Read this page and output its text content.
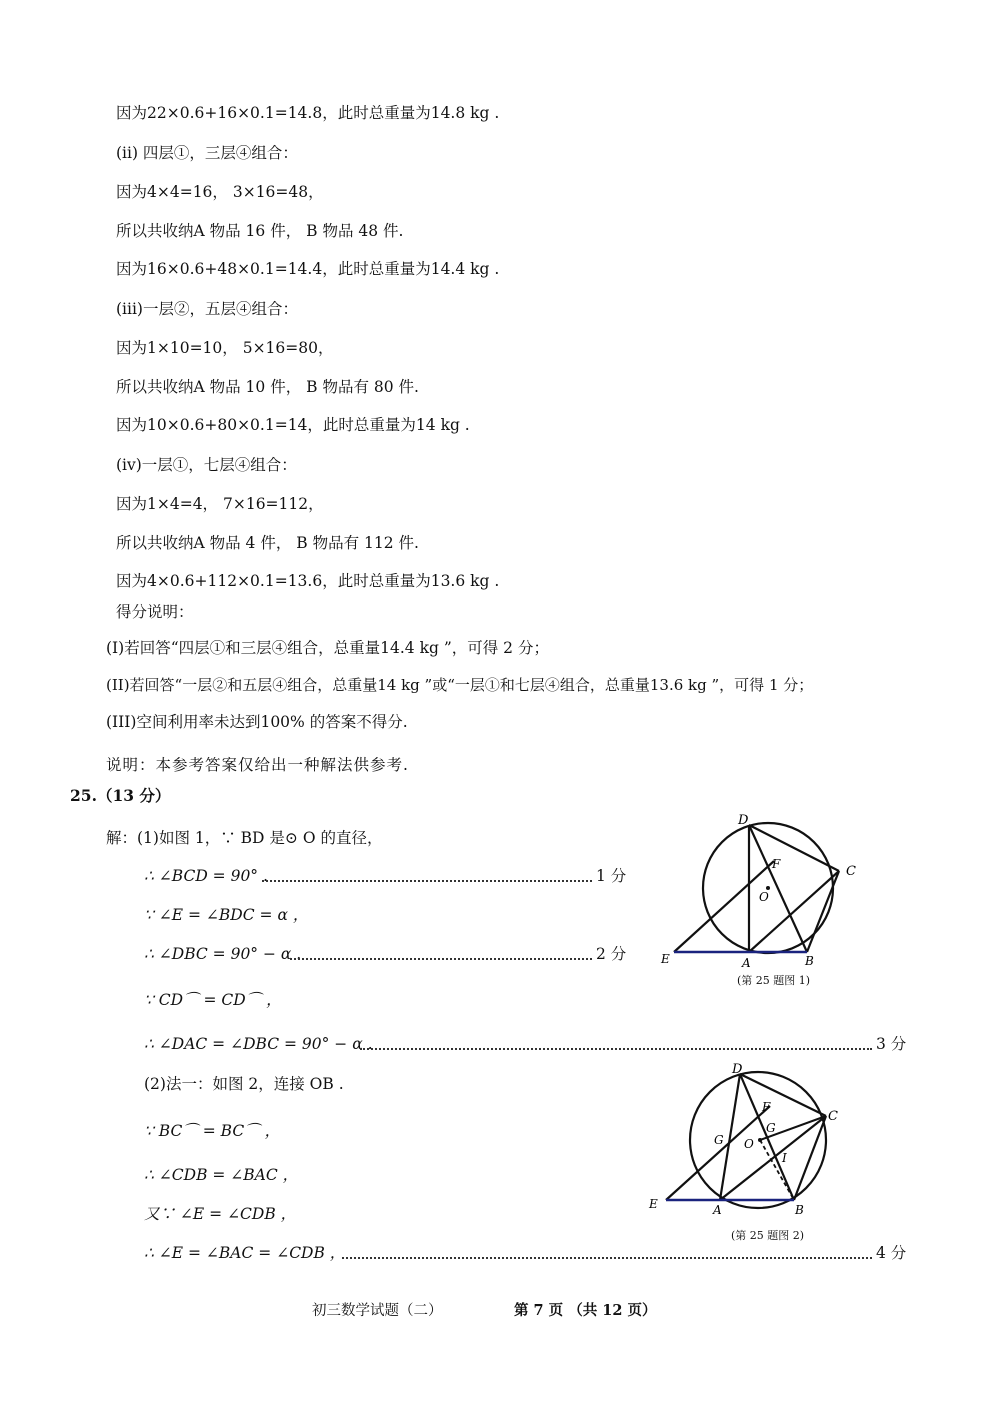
因为22×0.6+16×0.1=14.8，此时总重量为14.8 kg .
(ii) 四层①，三层④组合：
因为4×4=16， 3×16=48，
所以共收纳A 物品 16 件， B 物品 48 件.
因为16×0.6+48×0.1=14.4，此时总重量为14.4 kg .
(iii)一层②，五层④组合：
因为1×10=10， 5×16=80，
所以共收纳A 物品 10 件， B 物品有 80 件.
因为10×0.6+80×0.1=14，此时总重量为14 kg .
(iv)一层①，七层④组合：
因为1×4=4， 7×16=112，
所以共收纳A 物品 4 件， B 物品有 112 件.
因为4×0.6+112×0.1=13.6，此时总重量为13.6 kg .
得分说明：
(I)若回答“四层①和三层④组合，总重量14.4 kg ”，可得 2 分；
(II)若回答“一层②和五层④组合，总重量14 kg ”或“一层①和七层④组合，总重量13.6 kg ”，可得 1 分；
(III)空间利用率未达到100% 的答案不得分.
说明：本参考答案仅给出一种解法供参考.
25.（13 分）
解：(1)如图 1，∵ BD 是⊙ O 的直径，
∴ ∠BCD = 90° .	1 分
∵ ∠E = ∠BDC = α ，
∴ ∠DBC = 90° − α .	2 分
∵ CD⌒ = CD⌒ ，
∴ ∠DAC = ∠DBC = 90° − α .	3 分
(2)法一：如图 2，连接 OB .
∵ BC⌒ = BC⌒ ，
∴ ∠CDB = ∠BAC ，
又∵ ∠E = ∠CDB ，
∴ ∠E = ∠BAC = ∠CDB ，	4 分
D
C
F
O
E	A	B
(第 25 题图 1)
D
C
F
G
G O
I
E	A	B
(第 25 题图 2)
初三数学试题（二）	第 7 页 （共 12 页）
